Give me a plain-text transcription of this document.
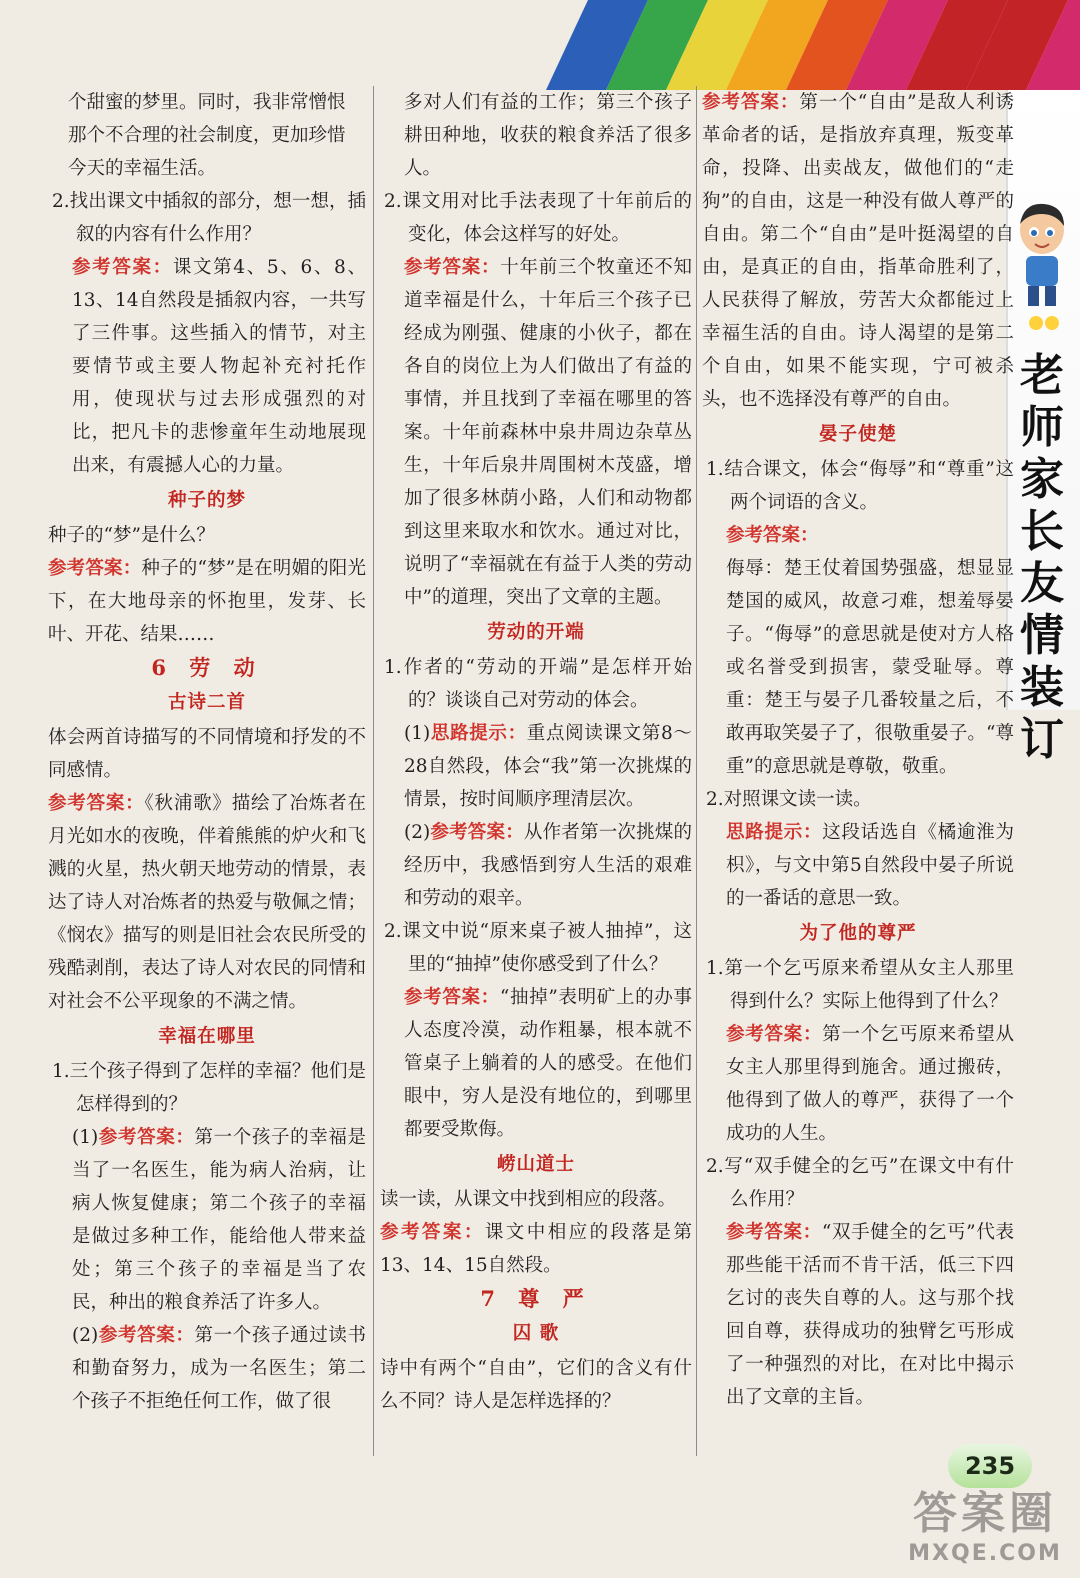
老
师
家
长
友
情
装
订

个甜蜜的梦里。同时，我非常憎恨

那个不合理的社会制度，更加珍惜

今天的幸福生活。

2.找出课文中插叙的部分，想一想，插叙的内容有什么作用？

参考答案：课文第4、5、6、8、13、14自然段是插叙内容，一共写了三件事。这些插入的情节，对主要情节或主要人物起补充衬托作用，使现状与过去形成强烈的对比，把凡卡的悲惨童年生动地展现出来，有震撼人心的力量。

种子的梦

种子的“梦”是什么？

参考答案：种子的“梦”是在明媚的阳光下，在大地母亲的怀抱里，发芽、长叶、开花、结果……

6 劳 动

古诗二首

体会两首诗描写的不同情境和抒发的不同感情。

参考答案：《秋浦歌》描绘了冶炼者在月光如水的夜晚，伴着熊熊的炉火和飞溅的火星，热火朝天地劳动的情景，表达了诗人对冶炼者的热爱与敬佩之情；《悯农》描写的则是旧社会农民所受的残酷剥削，表达了诗人对农民的同情和对社会不公平现象的不满之情。

幸福在哪里

1.三个孩子得到了怎样的幸福？他们是怎样得到的？

(1)参考答案：第一个孩子的幸福是当了一名医生，能为病人治病，让病人恢复健康；第二个孩子的幸福是做过多种工作，能给他人带来益处；第三个孩子的幸福是当了农民，种出的粮食养活了许多人。

(2)参考答案：第一个孩子通过读书和勤奋努力，成为一名医生；第二个孩子不拒绝任何工作，做了很

多对人们有益的工作；第三个孩子耕田种地，收获的粮食养活了很多人。

2.课文用对比手法表现了十年前后的变化，体会这样写的好处。

参考答案：十年前三个牧童还不知道幸福是什么，十年后三个孩子已经成为刚强、健康的小伙子，都在各自的岗位上为人们做出了有益的事情，并且找到了幸福在哪里的答案。十年前森林中泉井周边杂草丛生，十年后泉井周围树木茂盛，增加了很多林荫小路，人们和动物都到这里来取水和饮水。通过对比，说明了“幸福就在有益于人类的劳动中”的道理，突出了文章的主题。

劳动的开端

1.作者的“劳动的开端”是怎样开始的？谈谈自己对劳动的体会。

(1)思路提示：重点阅读课文第8～28自然段，体会“我”第一次挑煤的情景，按时间顺序理清层次。

(2)参考答案：从作者第一次挑煤的经历中，我感悟到穷人生活的艰难和劳动的艰辛。

2.课文中说“原来桌子被人抽掉”，这里的“抽掉”使你感受到了什么？

参考答案：“抽掉”表明矿上的办事人态度冷漠，动作粗暴，根本就不管桌子上躺着的人的感受。在他们眼中，穷人是没有地位的，到哪里都要受欺侮。

崂山道士

读一读，从课文中找到相应的段落。

参考答案：课文中相应的段落是第13、14、15自然段。

7 尊 严

囚 歌

诗中有两个“自由”，它们的含义有什么不同？诗人是怎样选择的？

参考答案：第一个“自由”是敌人利诱革命者的话，是指放弃真理，叛变革命，投降、出卖战友，做他们的“走狗”的自由，这是一种没有做人尊严的自由。第二个“自由”是叶挺渴望的自由，是真正的自由，指革命胜利了，人民获得了解放，劳苦大众都能过上幸福生活的自由。诗人渴望的是第二个自由，如果不能实现，宁可被杀头，也不选择没有尊严的自由。

晏子使楚

1.结合课文，体会“侮辱”和“尊重”这两个词语的含义。

参考答案：

侮辱：楚王仗着国势强盛，想显显楚国的威风，故意刁难，想羞辱晏子。“侮辱”的意思就是使对方人格或名誉受到损害，蒙受耻辱。尊重：楚王与晏子几番较量之后，不敢再取笑晏子了，很敬重晏子。“尊重”的意思就是尊敬，敬重。

2.对照课文读一读。

思路提示：这段话选自《橘逾淮为枳》，与文中第5自然段中晏子所说的一番话的意思一致。

为了他的尊严

1.第一个乞丐原来希望从女主人那里得到什么？实际上他得到了什么？

参考答案：第一个乞丐原来希望从女主人那里得到施舍。通过搬砖，他得到了做人的尊严，获得了一个成功的人生。

2.写“双手健全的乞丐”在课文中有什么作用？

参考答案：“双手健全的乞丐”代表那些能干活而不肯干活，低三下四乞讨的丧失自尊的人。这与那个找回自尊，获得成功的独臂乞丐形成了一种强烈的对比，在对比中揭示出了文章的主旨。

235
答案圈
MXQE.COM
